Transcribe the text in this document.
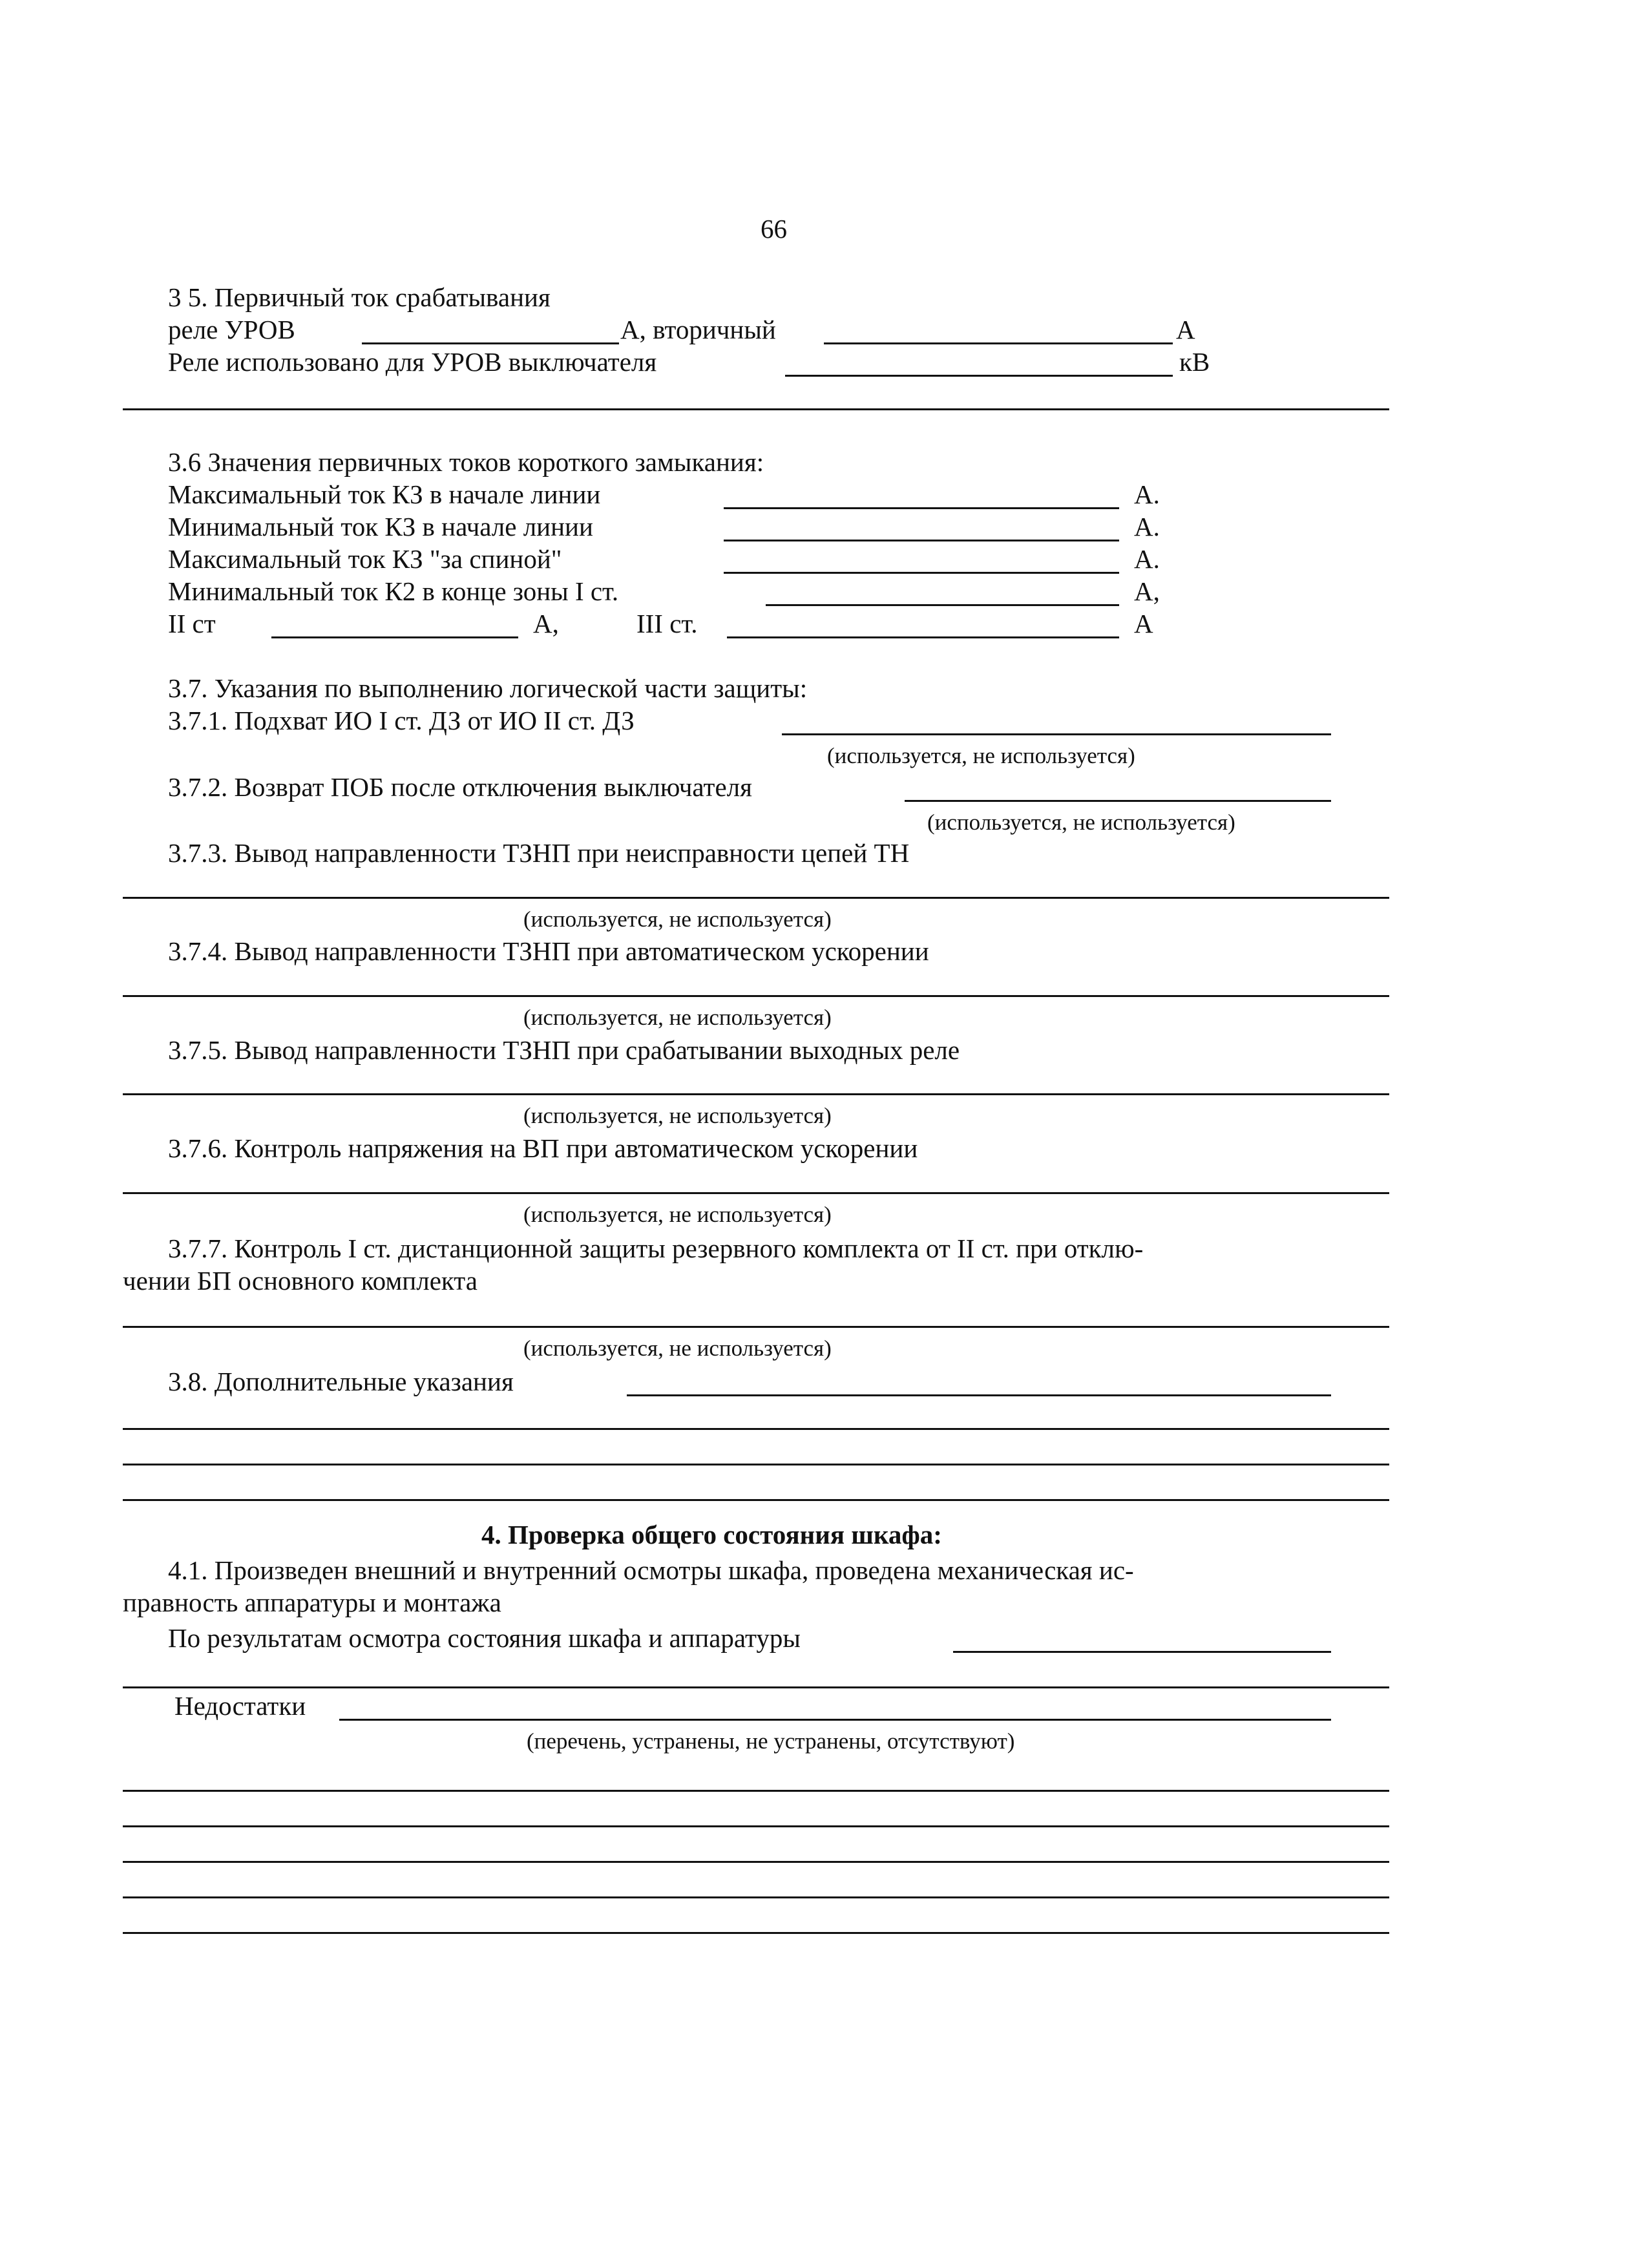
66
3 5. Первичный ток срабатывания
реле УРОВ	А, вторичный	А
Реле использовано для УРОВ выключателя	кВ
3.6 Значения первичных токов короткого замыкания:
Максимальный ток КЗ в начале линии	А.
Минимальный ток КЗ в начале линии	А.
Максимальный ток КЗ "за спиной"	А.
Минимальный ток К2 в конце зоны I ст.	А,
II ст	А,	III ст.	А
3.7. Указания по выполнению логической части защиты:
3.7.1. Подхват ИО I ст. ДЗ от ИО II ст. ДЗ
(используется, не используется)
3.7.2. Возврат ПОБ после отключения выключателя
(используется, не используется)
3.7.3. Вывод направленности ТЗНП при неисправности цепей ТН
(используется, не используется)
3.7.4. Вывод направленности ТЗНП при автоматическом ускорении
(используется, не используется)
3.7.5. Вывод направленности ТЗНП при срабатывании выходных реле
(используется, не используется)
3.7.6. Контроль напряжения на ВП при автоматическом ускорении
(используется, не используется)
3.7.7. Контроль I ст. дистанционной защиты резервного комплекта от II ст. при отклю-
чении БП основного комплекта
(используется, не используется)
3.8. Дополнительные указания
4. Проверка общего состояния шкафа:
4.1. Произведен внешний и внутренний осмотры шкафа, проведена механическая ис-
правность аппаратуры и монтажа
По результатам осмотра состояния шкафа и аппаратуры
Недостатки
(перечень, устранены, не устранены, отсутствуют)
